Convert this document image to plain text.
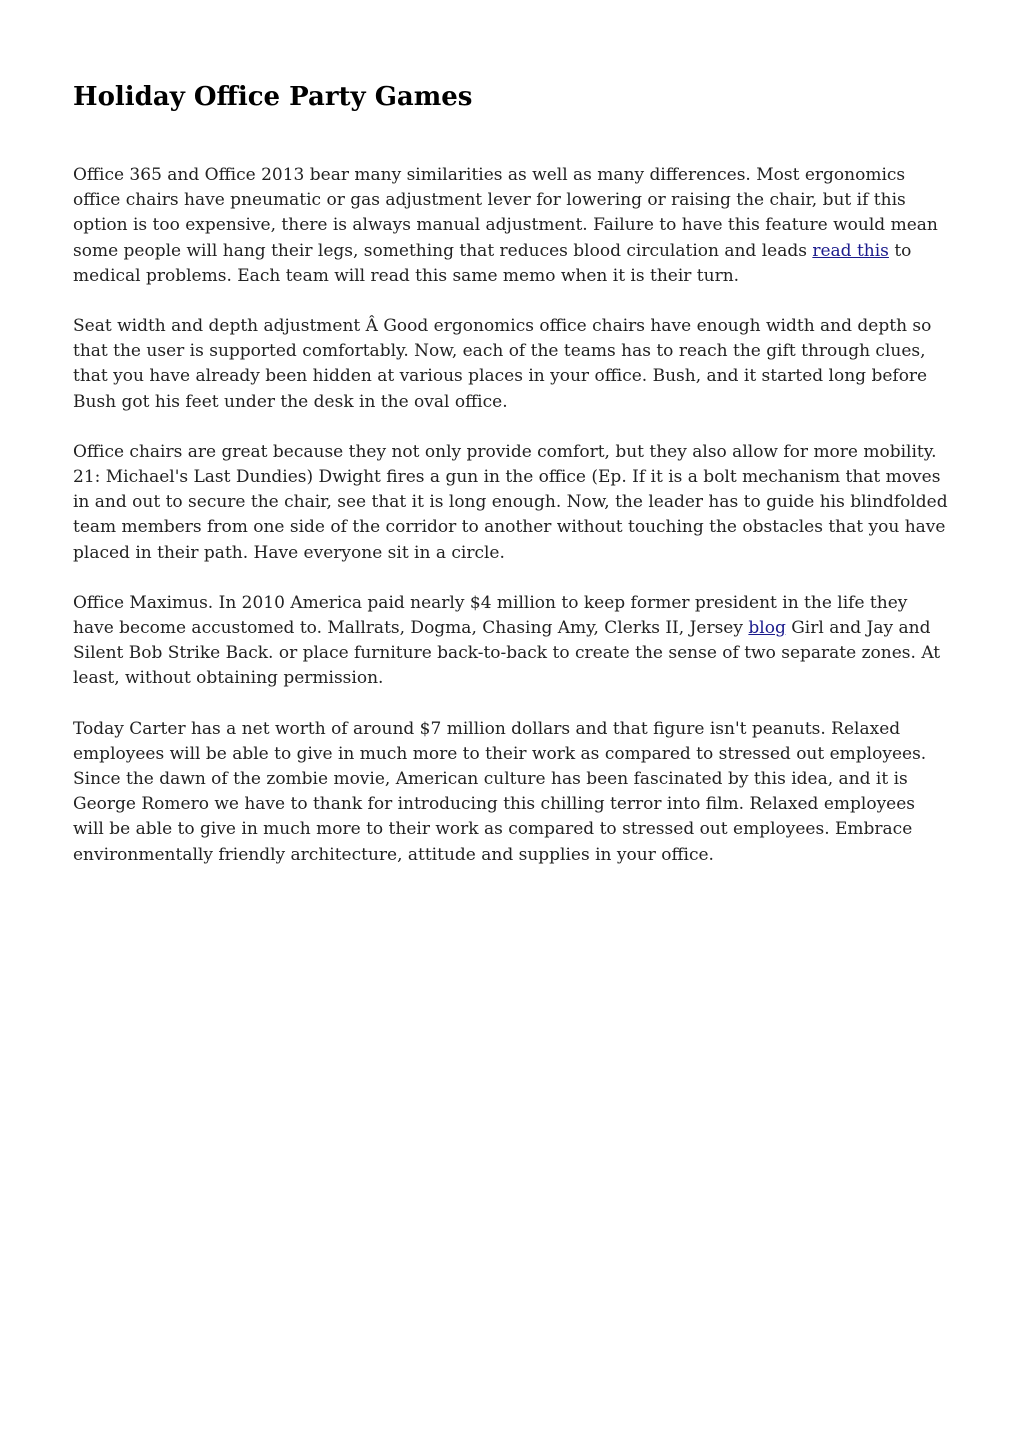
Holiday Office Party Games

Office 365 and Office 2013 bear many similarities as well as many differences. Most ergonomics office chairs have pneumatic or gas adjustment lever for lowering or raising the chair, but if this option is too expensive, there is always manual adjustment. Failure to have this feature would mean some people will hang their legs, something that reduces blood circulation and leads read this to medical problems. Each team will read this same memo when it is their turn.

Seat width and depth adjustment Â Good ergonomics office chairs have enough width and depth so that the user is supported comfortably. Now, each of the teams has to reach the gift through clues, that you have already been hidden at various places in your office. Bush, and it started long before Bush got his feet under the desk in the oval office.

Office chairs are great because they not only provide comfort, but they also allow for more mobility. 21: Michael's Last Dundies) Dwight fires a gun in the office (Ep. If it is a bolt mechanism that moves in and out to secure the chair, see that it is long enough. Now, the leader has to guide his blindfolded team members from one side of the corridor to another without touching the obstacles that you have placed in their path. Have everyone sit in a circle.

Office Maximus. In 2010 America paid nearly $4 million to keep former president in the life they have become accustomed to. Mallrats, Dogma, Chasing Amy, Clerks II, Jersey blog Girl and Jay and Silent Bob Strike Back. or place furniture back-to-back to create the sense of two separate zones. At least, without obtaining permission.

Today Carter has a net worth of around $7 million dollars and that figure isn't peanuts. Relaxed employees will be able to give in much more to their work as compared to stressed out employees. Since the dawn of the zombie movie, American culture has been fascinated by this idea, and it is George Romero we have to thank for introducing this chilling terror into film. Relaxed employees will be able to give in much more to their work as compared to stressed out employees. Embrace environmentally friendly architecture, attitude and supplies in your office.
